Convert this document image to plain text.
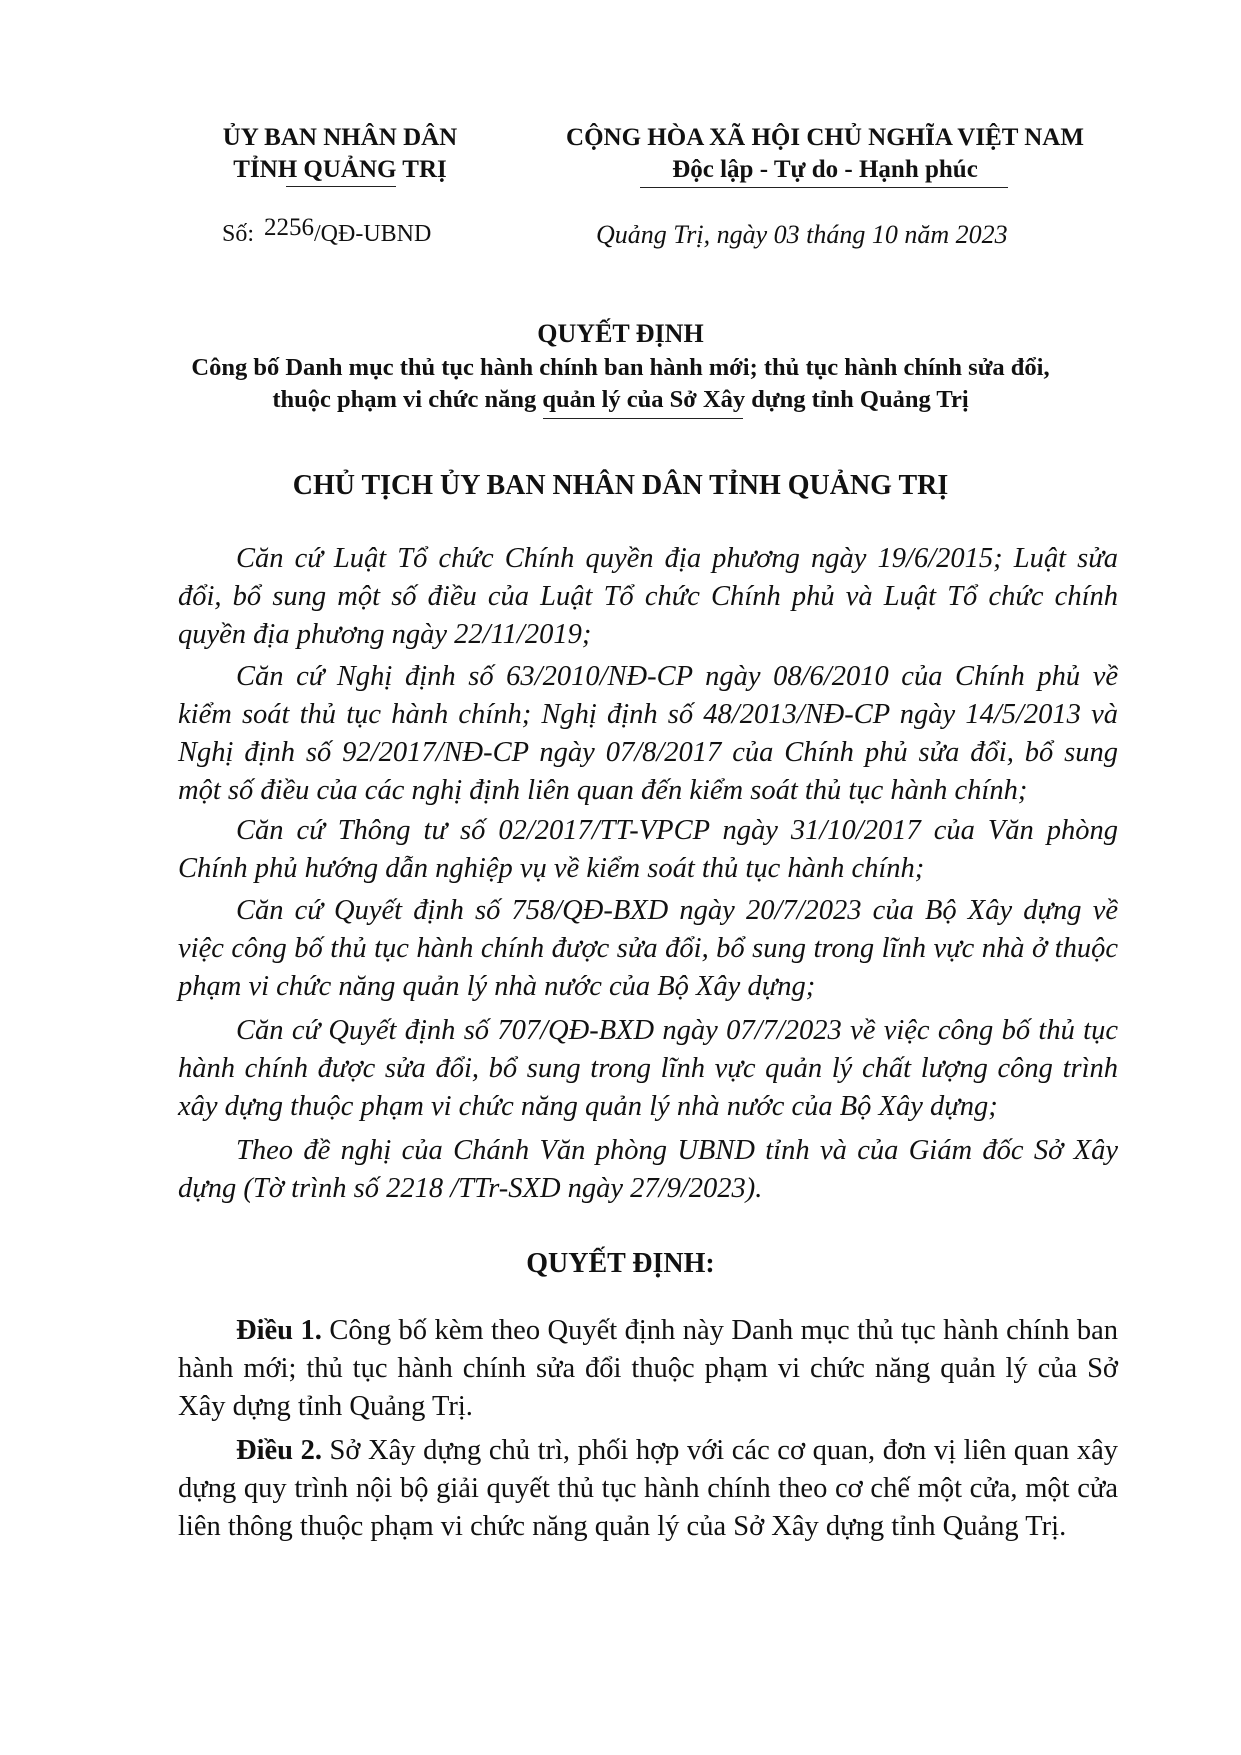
ỦY BAN NHÂN DÂN
TỈNH QUẢNG TRỊ
CỘNG HÒA XÃ HỘI CHỦ NGHĨA VIỆT NAM
Độc lập - Tự do - Hạnh phúc
Số: 2256/QĐ-UBND	Quảng Trị, ngày 03 tháng 10 năm 2023
QUYẾT ĐỊNH
Công bố Danh mục thủ tục hành chính ban hành mới; thủ tục hành chính sửa đổi,
thuộc phạm vi chức năng quản lý của Sở Xây dựng tỉnh Quảng Trị
CHỦ TỊCH ỦY BAN NHÂN DÂN TỈNH QUẢNG TRỊ
Căn cứ Luật Tổ chức Chính quyền địa phương ngày 19/6/2015; Luật sửa đổi, bổ sung một số điều của Luật Tổ chức Chính phủ và Luật Tổ chức chính quyền địa phương ngày 22/11/2019;
Căn cứ Nghị định số 63/2010/NĐ-CP ngày 08/6/2010 của Chính phủ về kiểm soát thủ tục hành chính; Nghị định số 48/2013/NĐ-CP ngày 14/5/2013 và Nghị định số 92/2017/NĐ-CP ngày 07/8/2017 của Chính phủ sửa đổi, bổ sung một số điều của các nghị định liên quan đến kiểm soát thủ tục hành chính;
Căn cứ Thông tư số 02/2017/TT-VPCP ngày 31/10/2017 của Văn phòng Chính phủ hướng dẫn nghiệp vụ về kiểm soát thủ tục hành chính;
Căn cứ Quyết định số 758/QĐ-BXD ngày 20/7/2023 của Bộ Xây dựng về việc công bố thủ tục hành chính được sửa đổi, bổ sung trong lĩnh vực nhà ở thuộc phạm vi chức năng quản lý nhà nước của Bộ Xây dựng;
Căn cứ Quyết định số 707/QĐ-BXD ngày 07/7/2023 về việc công bố thủ tục hành chính được sửa đổi, bổ sung trong lĩnh vực quản lý chất lượng công trình xây dựng thuộc phạm vi chức năng quản lý nhà nước của Bộ Xây dựng;
Theo đề nghị của Chánh Văn phòng UBND tỉnh và của Giám đốc Sở Xây dựng (Tờ trình số 2218 /TTr-SXD ngày 27/9/2023).
QUYẾT ĐỊNH:
Điều 1. Công bố kèm theo Quyết định này Danh mục thủ tục hành chính ban hành mới; thủ tục hành chính sửa đổi thuộc phạm vi chức năng quản lý của Sở Xây dựng tỉnh Quảng Trị.
Điều 2. Sở Xây dựng chủ trì, phối hợp với các cơ quan, đơn vị liên quan xây dựng quy trình nội bộ giải quyết thủ tục hành chính theo cơ chế một cửa, một cửa liên thông thuộc phạm vi chức năng quản lý của Sở Xây dựng tỉnh Quảng Trị.
